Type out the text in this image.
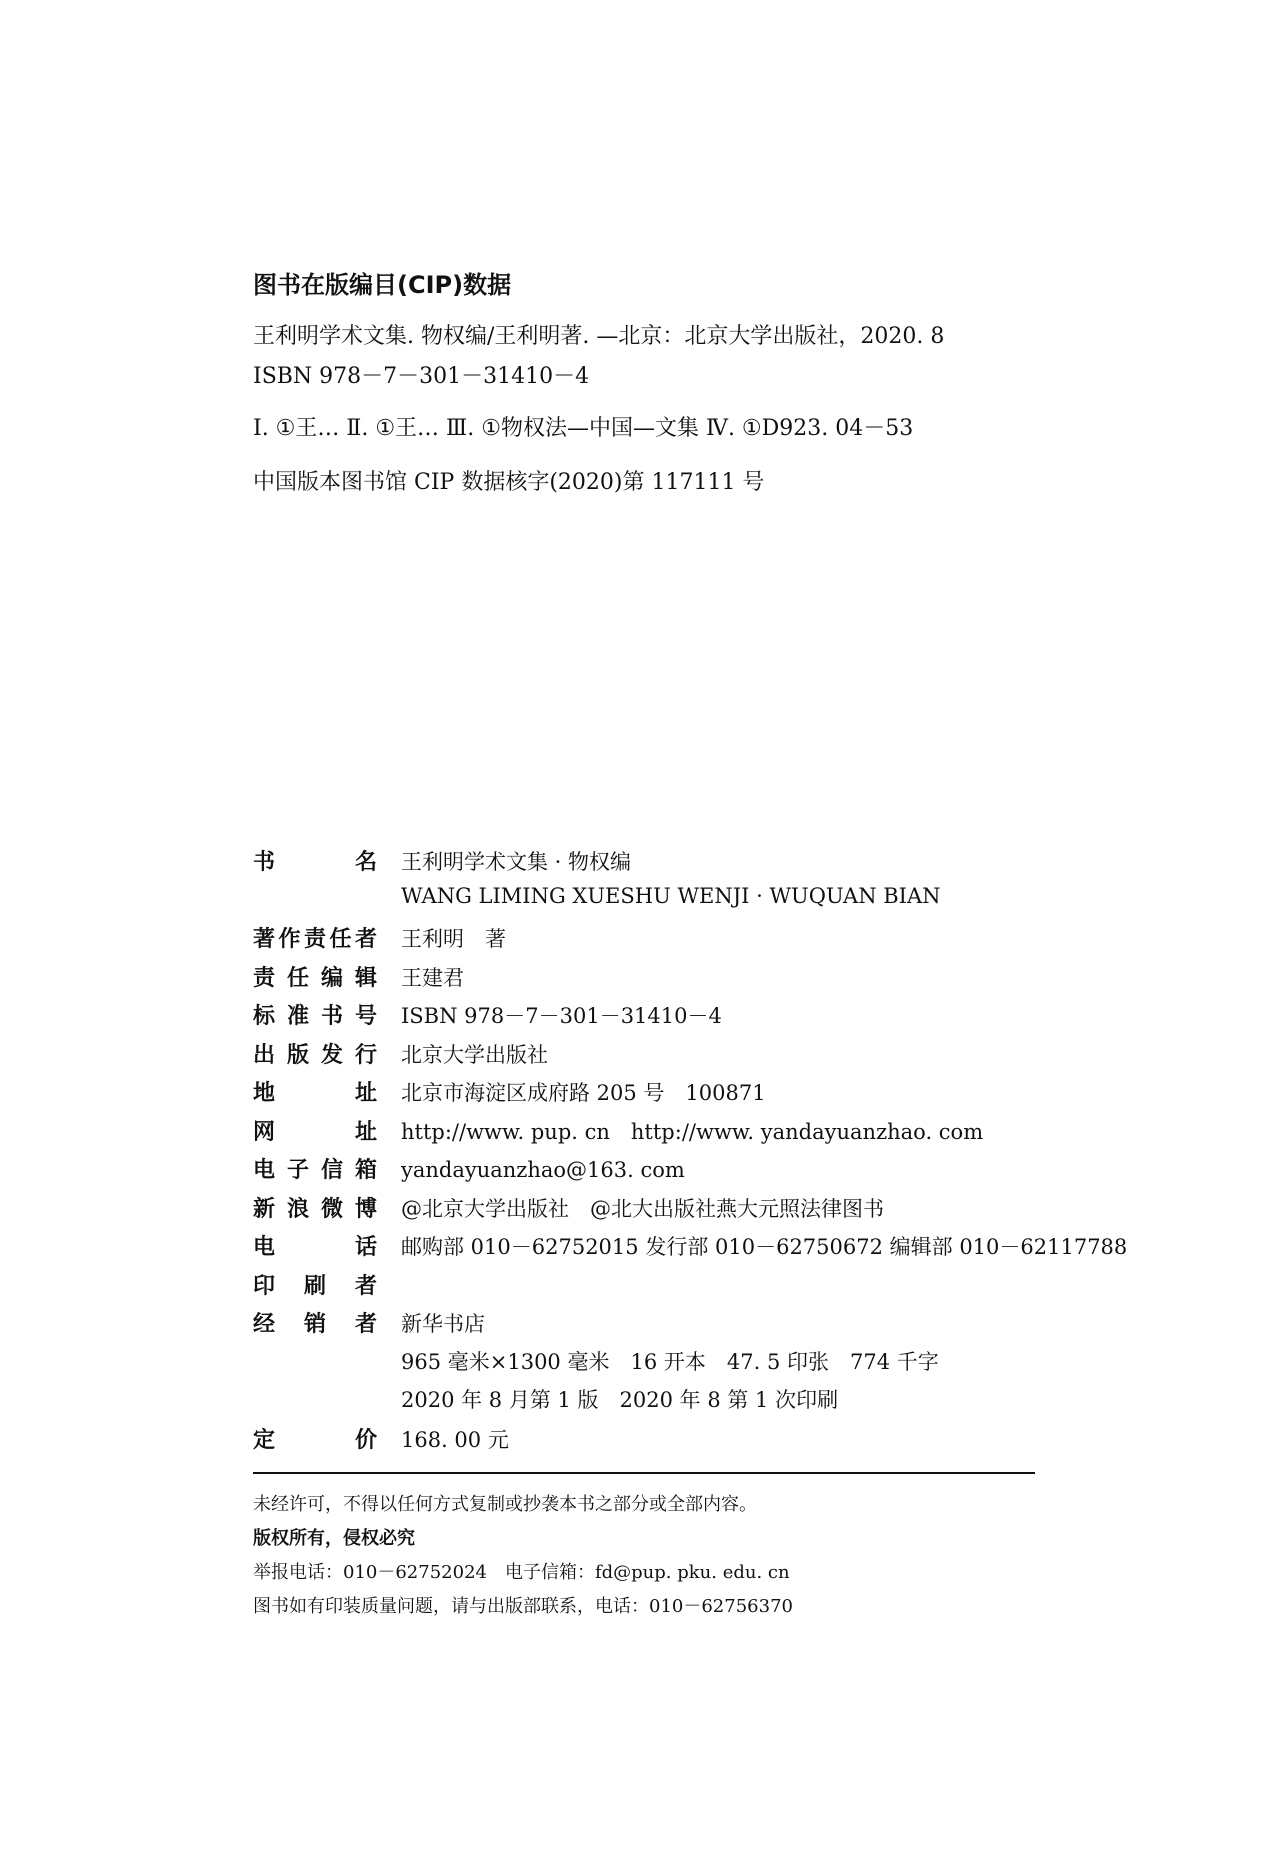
图书在版编目(CIP)数据

王利明学术文集. 物权编/王利明著. —北京：北京大学出版社，2020. 8

ISBN 978－7－301－31410－4

Ⅰ. ①王… Ⅱ. ①王… Ⅲ. ①物权法—中国—文集 Ⅳ. ①D923. 04－53

中国版本图书馆 CIP 数据核字(2020)第 117111 号

书　　名 王利明学术文集 · 物权编
WANG LIMING XUESHU WENJI · WUQUAN BIAN
著作责任者 王利明　著
责任编辑 王建君
标准书号 ISBN 978－7－301－31410－4
出版发行 北京大学出版社
地　　址 北京市海淀区成府路 205 号　100871
网　　址 http://www. pup. cn　http://www. yandayuanzhao. com
电子信箱 yandayuanzhao@163. com
新浪微博 @北京大学出版社　@北大出版社燕大元照法律图书
电　　话 邮购部 010－62752015 发行部 010－62750672 编辑部 010－62117788
印 刷 者
经 销 者 新华书店
965 毫米×1300 毫米　16 开本　47. 5 印张　774 千字
2020 年 8 月第 1 版　2020 年 8 第 1 次印刷
定　　价 168. 00 元

未经许可，不得以任何方式复制或抄袭本书之部分或全部内容。

版权所有，侵权必究

举报电话：010－62752024　电子信箱：fd@pup. pku. edu. cn

图书如有印装质量问题，请与出版部联系，电话：010－62756370
